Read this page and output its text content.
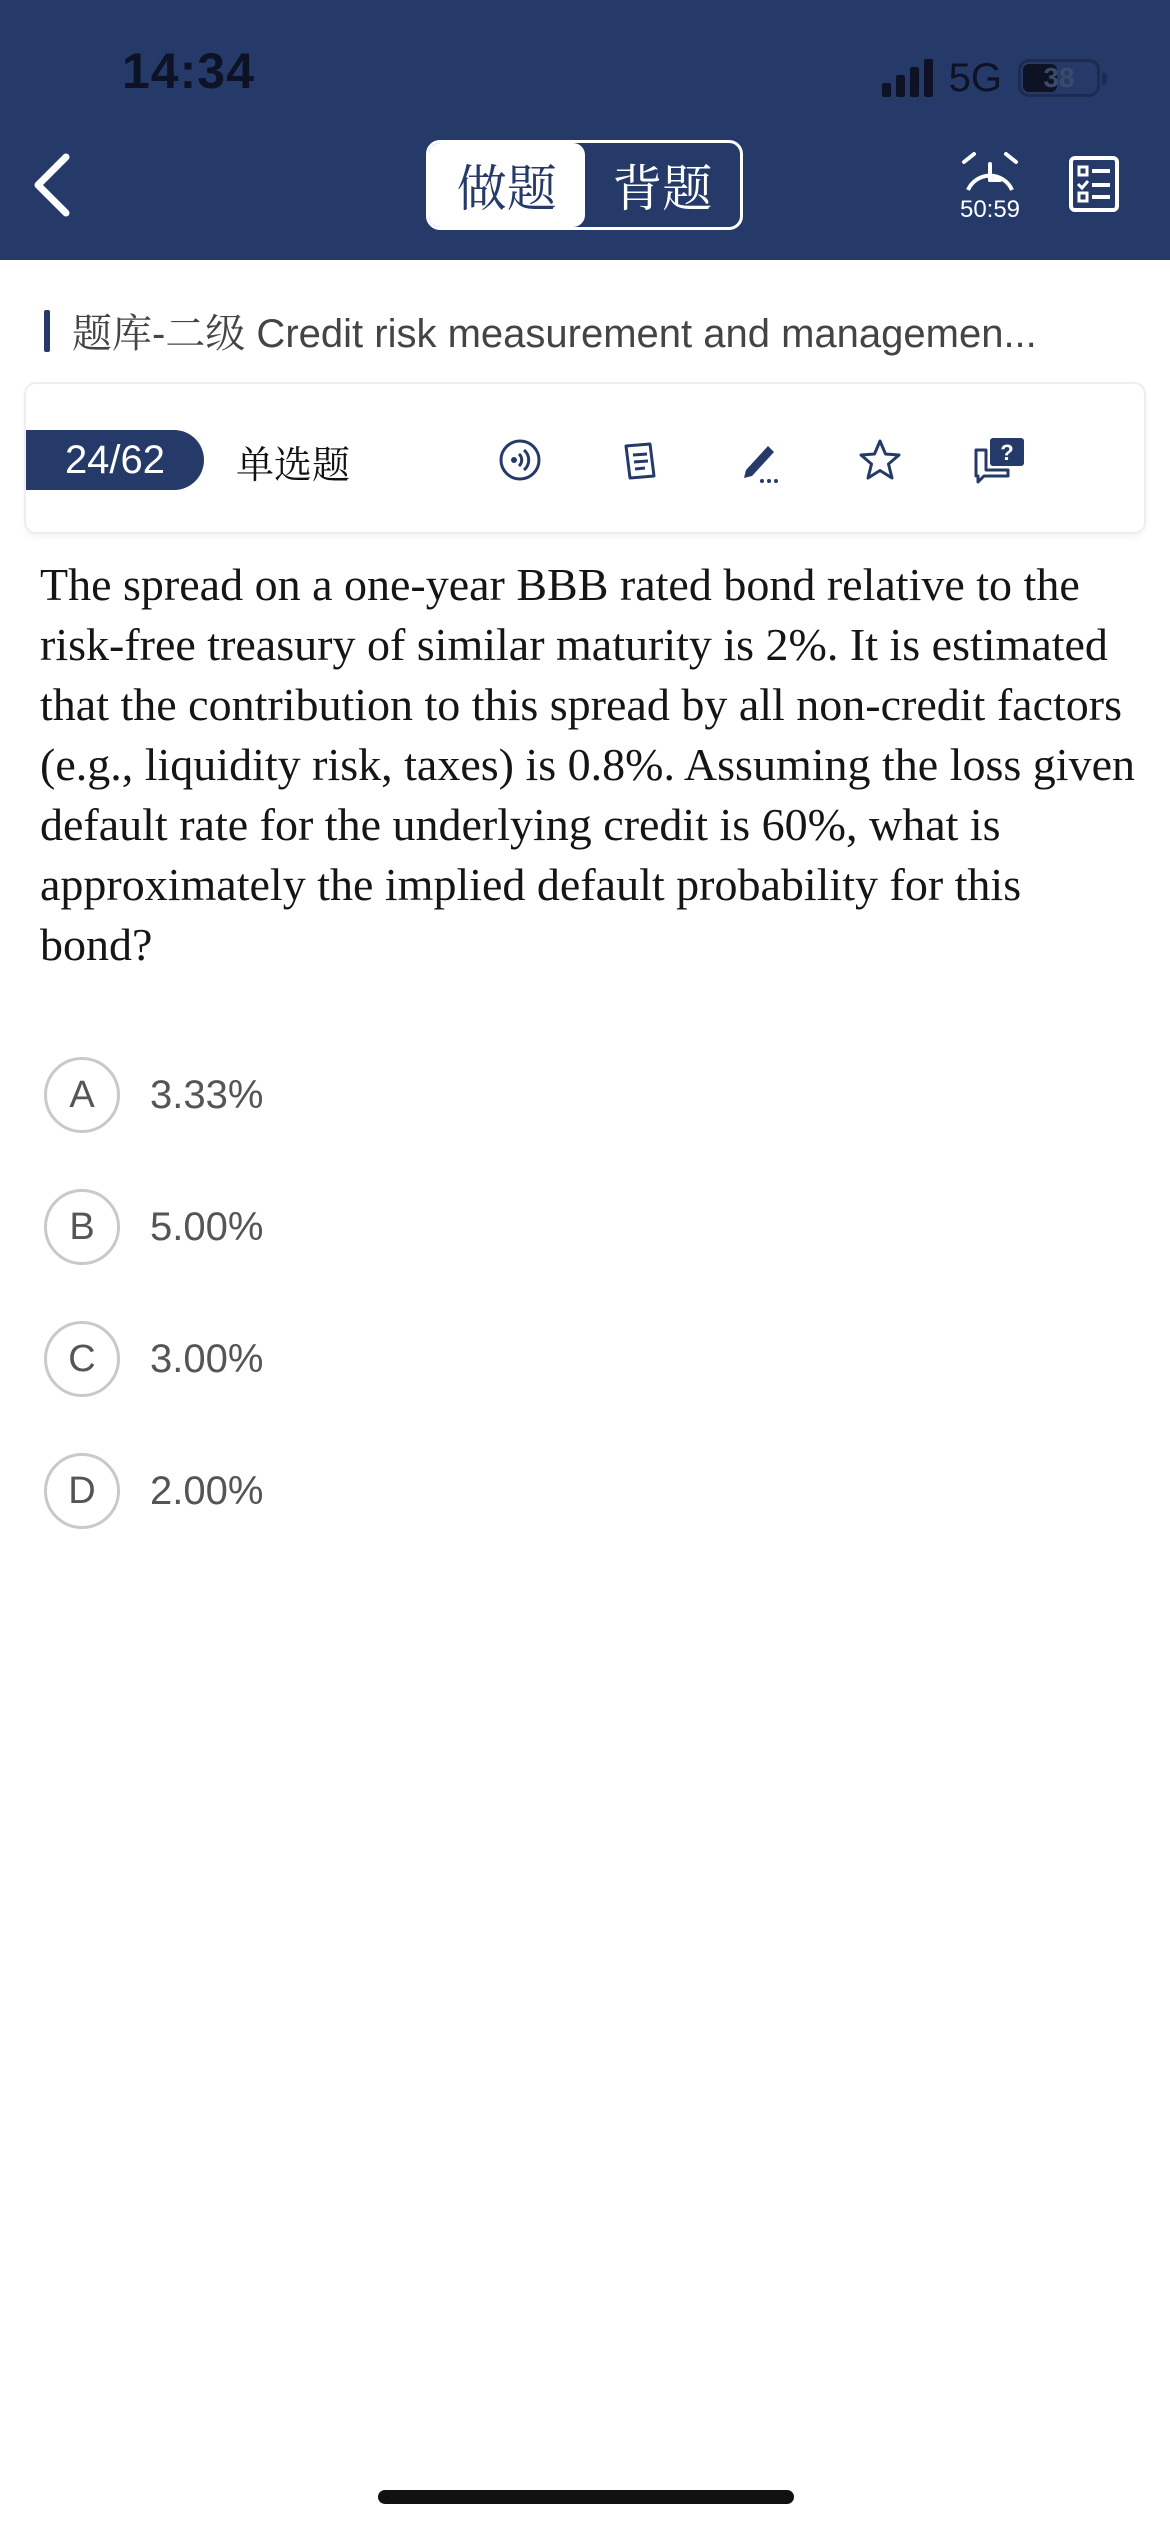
14:34	5G	38
做题	背题	50:59
题库-二级 Credit risk measurement and managemen...
24/62	单选题	?
The spread on a one-year BBB rated bond relative to the risk-free treasury of similar maturity is 2%. It is estimated that the contribution to this spread by all non-credit factors (e.g., liquidity risk, taxes) is 0.8%. Assuming the loss given default rate for the underlying credit is 60%, what is approximately the implied default probability for this bond?
A	3.33%
B	5.00%
C	3.00%
D	2.00%
